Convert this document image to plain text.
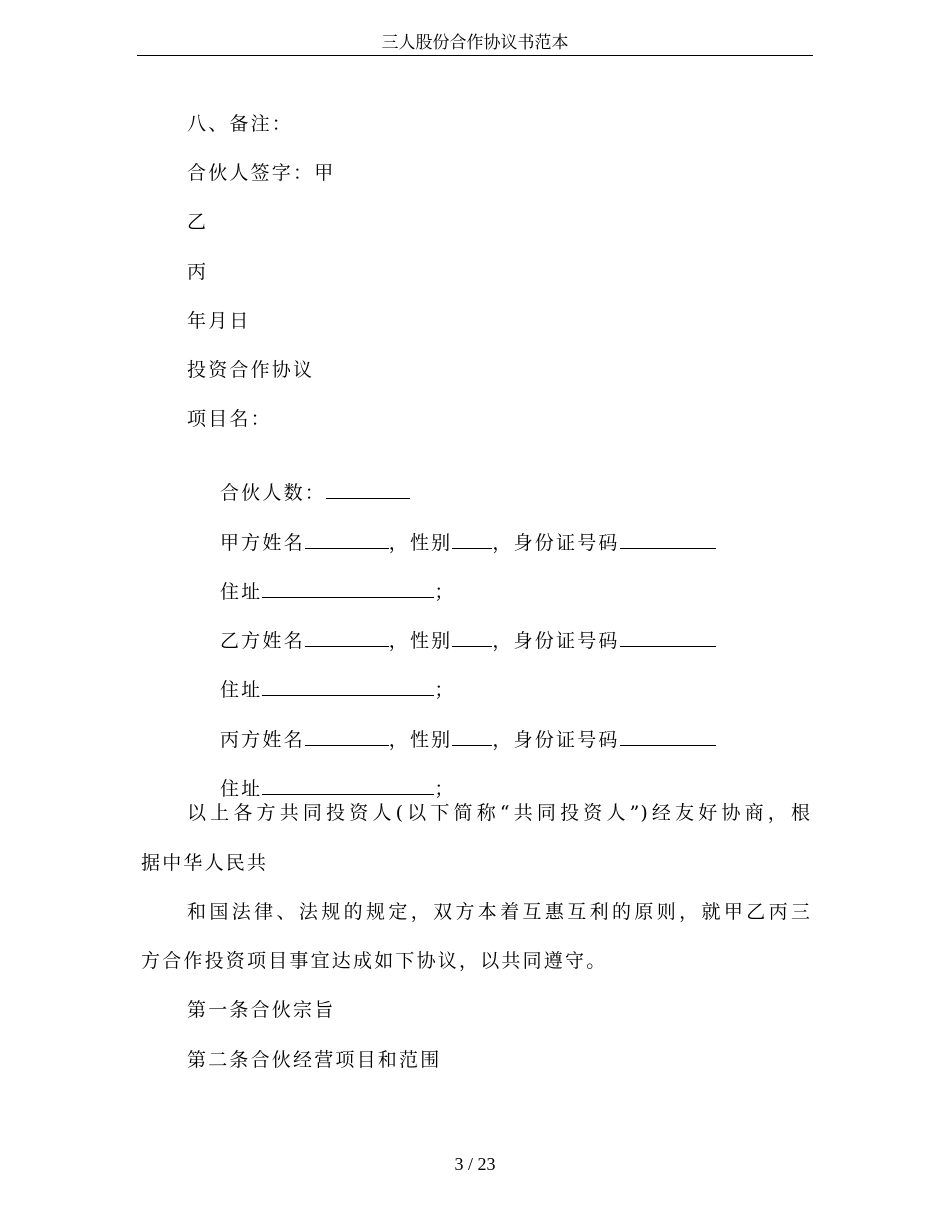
三人股份合作协议书范本
八、备注：
合伙人签字：甲
乙
丙
年月日
投资合作协议
项目名：

合伙人数：

甲方姓名	，性别 ，身份证号码

住址	；

乙方姓名	，性别 ，身份证号码

住址	；

丙方姓名	，性别 ，身份证号码

住址	；

以上各方共同投资人(以下简称“共同投资人”)经友好协商，根
据中华人民共
和国法律、法规的规定，双方本着互惠互利的原则，就甲乙丙三
方合作投资项目事宜达成如下协议，以共同遵守。
第一条合伙宗旨
第二条合伙经营项目和范围
3 / 23
